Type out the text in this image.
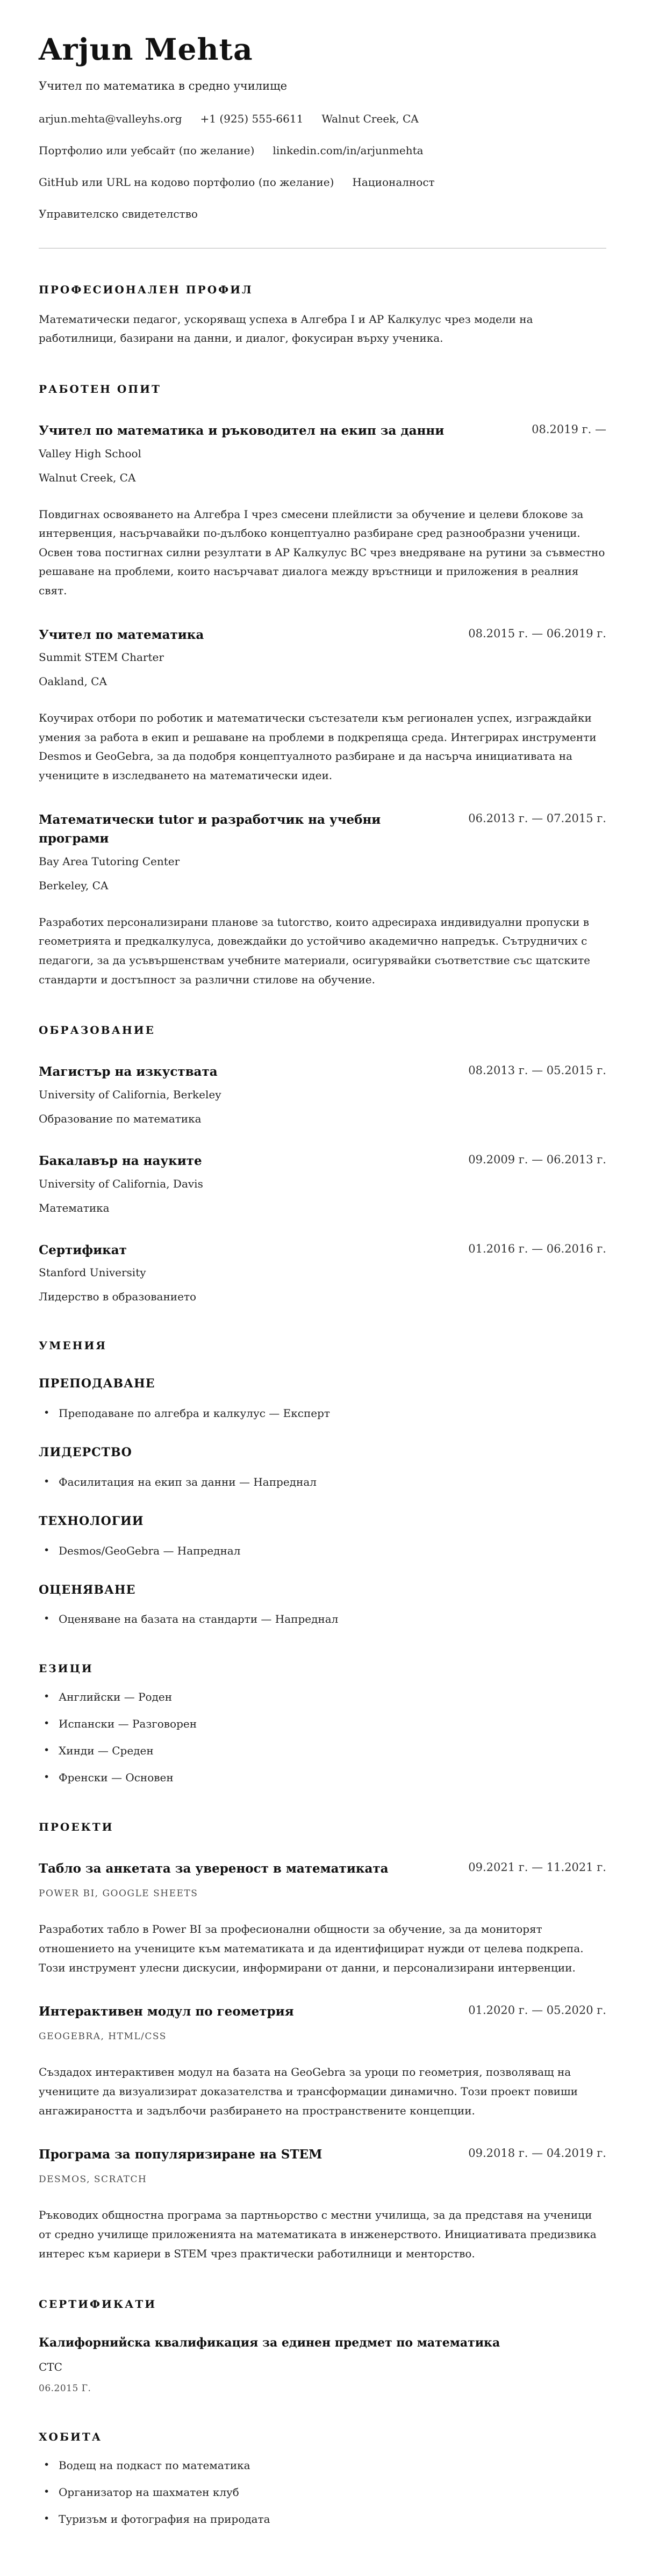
Arjun Mehta
Учител по математика в средно училище
arjun.mehta@valleyhs.org +1 (925) 555-6611 Walnut Creek, CA
Портфолио или уебсайт (по желание) linkedin.com/in/arjunmehta
GitHub или URL на кодово портфолио (по желание) Националност
Управителско свидетелство
ПРОФЕСИОНАЛЕН ПРОФИЛ

Математически педагог, ускоряващ успеха в Алгебра I и AP Калкулус чрез модели на работилници, базирани на данни, и диалог, фокусиран върху ученика.

РАБОТЕН ОПИТ
Учител по математика и ръководител на екип за данни	08.2019 г. —
Valley High School
Walnut Creek, CA

Повдигнах освояването на Алгебра I чрез смесени плейлисти за обучение и целеви блокове за интервенция, насърчавайки по-дълбоко концептуално разбиране сред разнообразни ученици. Освен това постигнах силни резултати в AP Калкулус BC чрез внедряване на рутини за съвместно решаване на проблеми, които насърчават диалога между връстници и приложения в реалния свят.

Учител по математика	08.2015 г. — 06.2019 г.
Summit STEM Charter
Oakland, CA

Коучирах отбори по роботик и математически състезатели към регионален успех, изграждайки умения за работа в екип и решаване на проблеми в подкрепяща среда. Интегрирах инструменти Desmos и GeoGebra, за да подобря концептуалното разбиране и да насърча инициативата на учениците в изследването на математически идеи.

Математически tutor и разработчик на учебни програми
06.2013 г. — 07.2015 г.
Bay Area Tutoring Center
Berkeley, CA

Разработих персонализирани планове за tutorство, които адресираха индивидуални пропуски в геометрията и предкалкулуса, довеждайки до устойчиво академично напредък. Сътрудничих с педагоги, за да усъвършенствам учебните материали, осигурявайки съответствие със щатските стандарти и достъпност за различни стилове на обучение.

ОБРАЗОВАНИЕ
Магистър на изкуствата	08.2013 г. — 05.2015 г.
University of California, Berkeley
Образование по математика
Бакалавър на науките	09.2009 г. — 06.2013 г.
University of California, Davis
Математика
Сертификат	01.2016 г. — 06.2016 г.
Stanford University
Лидерство в образованието
УМЕНИЯ
ПРЕПОДАВАНЕ
• Преподаване по алгебра и калкулус — Експерт
ЛИДЕРСТВО
• Фасилитация на екип за данни — Напреднал
ТЕХНОЛОГИИ
• Desmos/GeoGebra — Напреднал
ОЦЕНЯВАНЕ
• Оценяване на базата на стандарти — Напреднал
ЕЗИЦИ
• Английски — Роден
• Испански — Разговорен
• Хинди — Среден
• Френски — Основен
ПРОЕКТИ
Табло за анкетата за увереност в математиката	09.2021 г. — 11.2021 г.
POWER BI, GOOGLE SHEETS

Разработих табло в Power BI за професионални общности за обучение, за да мониторят отношението на учениците към математиката и да идентифицират нужди от целева подкрепа. Този инструмент улесни дискусии, информирани от данни, и персонализирани интервенции.

Интерактивен модул по геометрия	01.2020 г. — 05.2020 г.
GEOGEBRA, HTML/CSS

Създадох интерактивен модул на базата на GeoGebra за уроци по геометрия, позволяващ на учениците да визуализират доказателства и трансформации динамично. Този проект повиши ангажираността и задълбочи разбирането на пространствените концепции.

Програма за популяризиране на STEM	09.2018 г. — 04.2019 г.
DESMOS, SCRATCH

Ръководих общностна програма за партньорство с местни училища, за да представя на ученици от средно училище приложенията на математиката в инженерството. Инициативата предизвика интерес към кариери в STEM чрез практически работилници и менторство.

СЕРТИФИКАТИ
Калифорнийска квалификация за единен предмет по математика
CTC
06.2015 Г.
ХОБИТА
• Водещ на подкаст по математика
• Организатор на шахматен клуб
• Туризъм и фотография на природата
